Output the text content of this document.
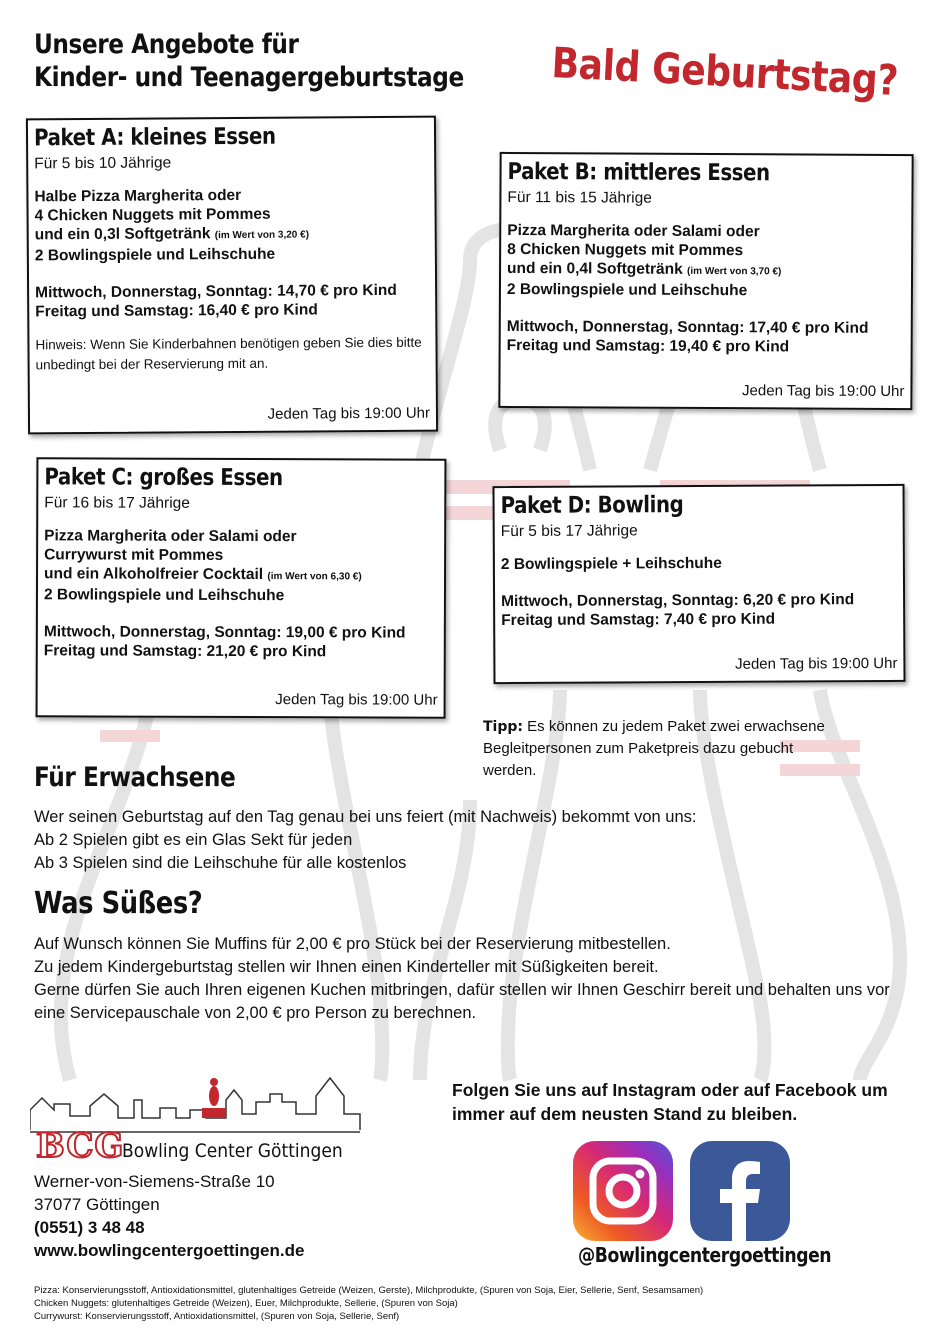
Unsere Angebote für
Kinder- und Teenagergeburtstage	Bald Geburtstag?
Paket A: kleines Essen
Für 5 bis 10 Jährige
Halbe Pizza Margherita oder
4 Chicken Nuggets mit Pommes
und ein 0,3l Softgetränk (im Wert von 3,20 €)
2 Bowlingspiele und Leihschuhe
Mittwoch, Donnerstag, Sonntag: 14,70 € pro Kind
Freitag und Samstag: 16,40 € pro Kind
Hinweis: Wenn Sie Kinderbahnen benötigen geben Sie dies bitte unbedingt bei der Reservierung mit an.
Jeden Tag bis 19:00 Uhr
Paket B: mittleres Essen
Für 11 bis 15 Jährige
Pizza Margherita oder Salami oder
8 Chicken Nuggets mit Pommes
und ein 0,4l Softgetränk (im Wert von 3,70 €)
2 Bowlingspiele und Leihschuhe
Mittwoch, Donnerstag, Sonntag: 17,40 € pro Kind
Freitag und Samstag: 19,40 € pro Kind
Jeden Tag bis 19:00 Uhr
Paket C: großes Essen
Für 16 bis 17 Jährige
Pizza Margherita oder Salami oder
Currywurst mit Pommes
und ein Alkoholfreier Cocktail (im Wert von 6,30 €)
2 Bowlingspiele und Leihschuhe
Mittwoch, Donnerstag, Sonntag: 19,00 € pro Kind
Freitag und Samstag: 21,20 € pro Kind
Jeden Tag bis 19:00 Uhr
Paket D: Bowling
Für 5 bis 17 Jährige
2 Bowlingspiele + Leihschuhe
Mittwoch, Donnerstag, Sonntag: 6,20 € pro Kind
Freitag und Samstag: 7,40 € pro Kind
Jeden Tag bis 19:00 Uhr
Tipp: Es können zu jedem Paket zwei erwachsene Begleitpersonen zum Paketpreis dazu gebucht werden.
Für Erwachsene
Wer seinen Geburtstag auf den Tag genau bei uns feiert (mit Nachweis) bekommt von uns:
Ab 2 Spielen gibt es ein Glas Sekt für jeden
Ab 3 Spielen sind die Leihschuhe für alle kostenlos
Was Süßes?
Auf Wunsch können Sie Muffins für 2,00 € pro Stück bei der Reservierung mitbestellen.
Zu jedem Kindergeburtstag stellen wir Ihnen einen Kinderteller mit Süßigkeiten bereit.
Gerne dürfen Sie auch Ihren eigenen Kuchen mitbringen, dafür stellen wir Ihnen Geschirr bereit und behalten uns vor eine Servicepauschale von 2,00 € pro Person zu berechnen.
BCG
Bowling Center Göttingen
Werner-von-Siemens-Straße 10
37077 Göttingen
(0551) 3 48 48
www.bowlingcentergoettingen.de
Folgen Sie uns auf Instagram oder auf Facebook um immer auf dem neusten Stand zu bleiben.
@Bowlingcentergoettingen
Pizza: Konservierungsstoff, Antioxidationsmittel, glutenhaltiges Getreide (Weizen, Gerste), Milchprodukte, (Spuren von Soja, Eier, Sellerie, Senf, Sesamsamen)
Chicken Nuggets: glutenhaltiges Getreide (Weizen), Euer, Milchprodukte, Sellerie, (Spuren von Soja)
Currywurst: Konservierungsstoff, Antioxidationsmittel, (Spuren von Soja, Sellerie, Senf)
